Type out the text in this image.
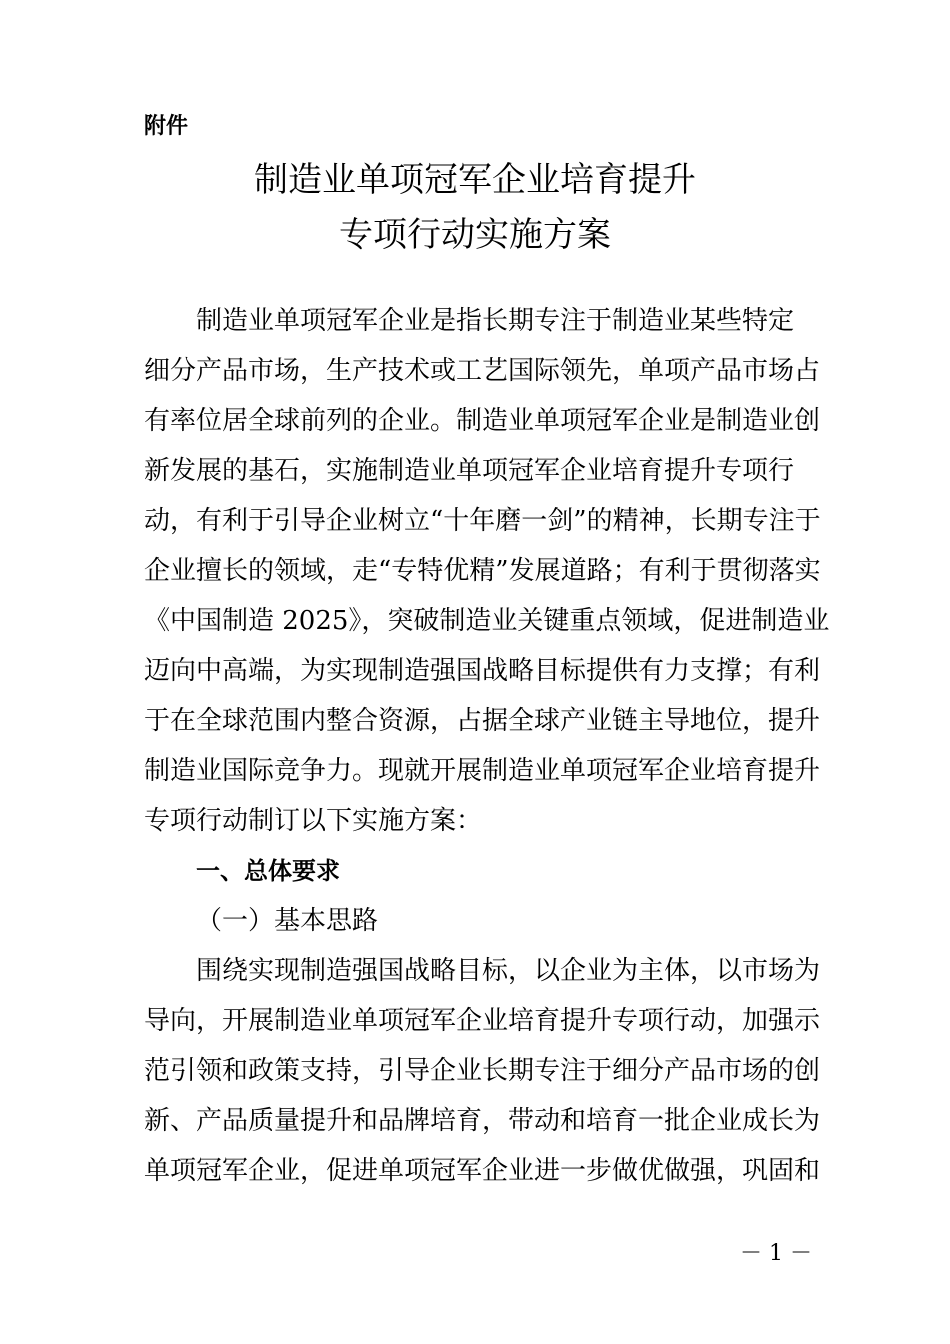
附件
制造业单项冠军企业培育提升
专项行动实施方案
制造业单项冠军企业是指长期专注于制造业某些特定
细分产品市场，生产技术或工艺国际领先，单项产品市场占
有率位居全球前列的企业。制造业单项冠军企业是制造业创
新发展的基石，实施制造业单项冠军企业培育提升专项行
动，有利于引导企业树立“十年磨一剑”的精神，长期专注于
企业擅长的领域，走“专特优精”发展道路；有利于贯彻落实
《中国制造 2025》，突破制造业关键重点领域，促进制造业
迈向中高端，为实现制造强国战略目标提供有力支撑；有利
于在全球范围内整合资源，占据全球产业链主导地位，提升
制造业国际竞争力。现就开展制造业单项冠军企业培育提升
专项行动制订以下实施方案：
一、总体要求
（一）基本思路
围绕实现制造强国战略目标，以企业为主体，以市场为
导向，开展制造业单项冠军企业培育提升专项行动，加强示
范引领和政策支持，引导企业长期专注于细分产品市场的创
新、产品质量提升和品牌培育，带动和培育一批企业成长为
单项冠军企业，促进单项冠军企业进一步做优做强，巩固和
－ 1 －
